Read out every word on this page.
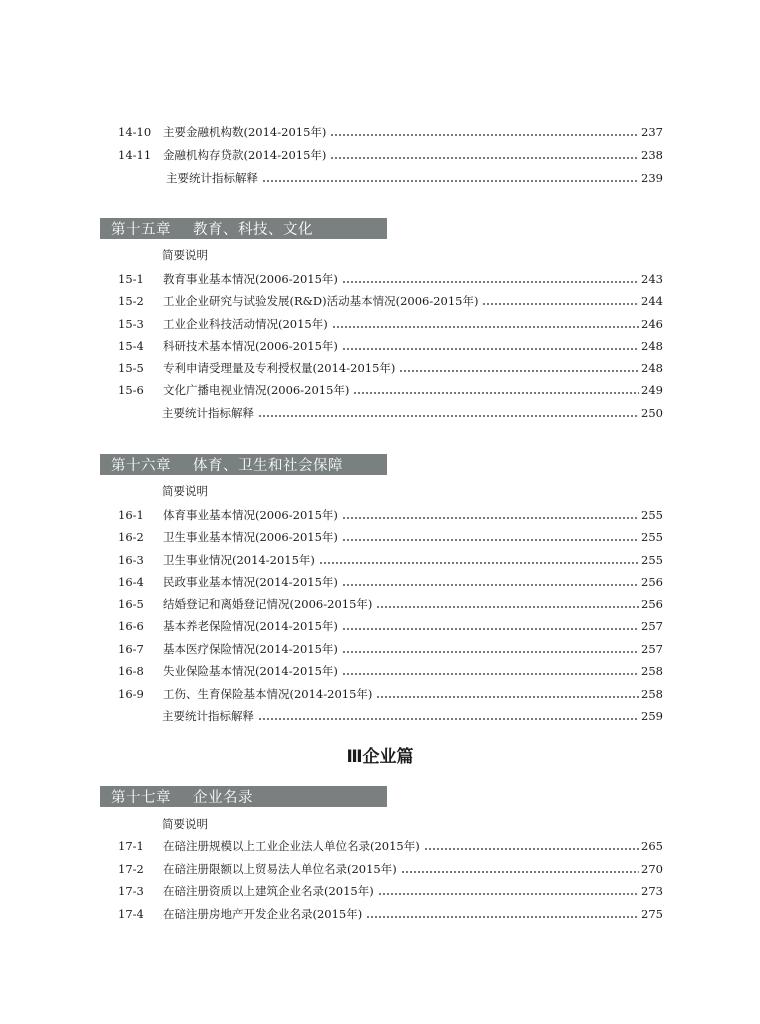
14-10	主要金融机构数(2014-2015年)	237
14-11	金融机构存贷款(2014-2015年)	238
主要统计指标解释	239
第十五章 教育、科技、文化
简要说明
15-1	教育事业基本情况(2006-2015年)	243
15-2	工业企业研究与试验发展(R&D)活动基本情况(2006-2015年)	244
15-3	工业企业科技活动情况(2015年)	246
15-4	科研技术基本情况(2006-2015年)	248
15-5	专利申请受理量及专利授权量(2014-2015年)	248
15-6	文化广播电视业情况(2006-2015年)	249
主要统计指标解释	250
第十六章 体育、卫生和社会保障
简要说明
16-1	体育事业基本情况(2006-2015年)	255
16-2	卫生事业基本情况(2006-2015年)	255
16-3	卫生事业情况(2014-2015年)	255
16-4	民政事业基本情况(2014-2015年)	256
16-5	结婚登记和离婚登记情况(2006-2015年)	256
16-6	基本养老保险情况(2014-2015年)	257
16-7	基本医疗保险情况(2014-2015年)	257
16-8	失业保险基本情况(2014-2015年)	258
16-9	工伤、生育保险基本情况(2014-2015年)	258
主要统计指标解释	259
Ⅲ企业篇
第十七章 企业名录
简要说明
17-1	在碚注册规模以上工业企业法人单位名录(2015年)	265
17-2	在碚注册限额以上贸易法人单位名录(2015年)	270
17-3	在碚注册资质以上建筑企业名录(2015年)	273
17-4	在碚注册房地产开发企业名录(2015年)	275
